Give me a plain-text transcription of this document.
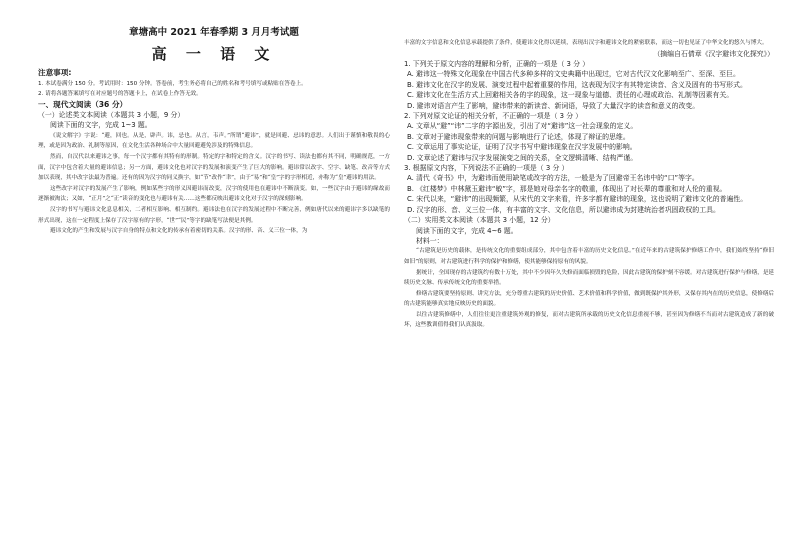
章塘高中 2021 年春季期 3 月月考试题

高 一 语 文

注意事项:

1. 本试卷满分 150 分。考试用时：150 分钟。答卷前，考生务必将自己的姓名和考号填写或粘贴在答卷上。

2. 请将各题答案填写在对应题号的答题卡上，在试卷上作答无效。

一、现代文阅读（36 分）

（一）论述类文本阅读（本题共 3 小题，9 分）

阅读下面的文字，完成 1~3 题。

《说文解字》字说：“避，回也。从是，辟声。讳，忌也。从言，韦声。”所谓“避讳”，就是回避、忌讳的意思。人们出于谨慎和敬畏的心理，或是因为政治、礼制等原因，在文化生活各种场合中大量回避避免涉及的特殊信息。

然而，自汉代以来避讳之事，每一个汉字都有其特有的形制。特定的字和特定的含义。汉字的书写、读法也都有其不同，明确规范，一方面，汉字中包含着大量的避讳信息；另一方面，避讳文化也对汉字的发展和演变产生了巨大的影响。避讳常以改字、空字、缺笔、改音等方式加以表现，其中改字法最为普遍。还有的因为汉字的同义换字，如“节”改作“聿”，由于“易”和“皇”字的字形相近，亦称为“皇”避讳的用法。

这些改字对汉字的发展产生了影响，例如某些字的形义因避讳而改变，汉字的使用也在避讳中不断演变。如，一些汉字由于避讳的缘故而逐渐被淘汰；又如，“正月”之“正”读音的变化也与避讳有关……这些都反映出避讳文化对于汉字的深刻影响。

汉字的书写与避讳文化息息相关，二者相互影响、相互制约。避讳法也在汉字的发展过程中不断完善，例如唐代以来的避讳字多以缺笔的形式出现，这在一定程度上保存了汉字原有的字形，“世”“民”等字的缺笔写法便是其例。

避讳文化的产生和发展与汉字自身的特点和文化的传承有着密切的关系。汉字的形、音、义三位一体，为

丰富的文字信息和文化信息承载提供了条件，使避讳文化得以延续，表现出汉字和避讳文化的紧密联系，而这一切也见证了中华文化的悠久与博大。

（摘编自石倩章《汉字避讳文化探究》）

1. 下列关于原文内容的理解和分析，正确的一项是（ 3 分 ）

A. 避讳这一特殊文化现象在中国古代多种多样的文史典籍中出现过，它对古代汉文化影响至广、至深、至巨。

B. 避讳文化在汉字的发展、演变过程中起着重要的作用，这表现为汉字有其特定读音、含义及固有的书写形式。

C. 避讳文化在生活方式上回避相关各的字的现象，这一现象与道德、责任的心理或政治、礼制等因素有关。

D. 避讳对语言产生了影响，避讳带来的新读音、新词语，导致了大量汉字的读音和意义的改变。

2. 下列对原文论证的相关分析，不正确的一项是（ 3 分 ）

A. 文章从“避”“讳”二字的字源出发，引出了对“避讳”这一社会现象的定义。

B. 文章对于避讳现象带来的问题与影响进行了论述，体现了辩证的思维。

C. 文章运用了事实论证，证明了汉字书写中避讳现象在汉字发展中的影响。

D. 文章论述了避讳与汉字发展演变之间的关系，全文逻辑清晰、结构严谨。

3. 根据原文内容，下列说法不正确的一项是（ 3 分 ）

A. 清代《奇书》中，为避讳而使用缺笔或改字的方法，一般是为了回避帝王名讳中的“口”等字。

B. 《红楼梦》中林黛玉避讳“敏”字，那是她对母亲名字的敬重，体现出了对长辈的尊重和对人伦的重视。

C. 宋代以来，“避讳”的出现频繁，从宋代的文字来看，许多字都有避讳的现象，这也说明了避讳文化的普遍性。

D. 汉字的形、音、义三位一体，有丰富的文字、文化信息，所以避讳成为封建统治者巩固政权的工具。

（二）实用类文本阅读（本题共 3 小题，12 分）

阅读下面的文字，完成 4~6 题。

材料一：

“古建筑是历史的载体，是传统文化的重要组成部分，其中包含着丰富的历史文化信息。”在近年来的古建筑保护修缮工作中，我们始终坚持“修旧如旧”的原则，对古建筑进行科学的保护和修缮，使其能够保持原有的风貌。

据统计，全国现存的古建筑约有数十万处，其中不少因年久失修而面临损毁的危险，因此古建筑的保护刻不容缓。对古建筑进行保护与修缮，是延续历史文脉、传承传统文化的重要举措。

修缮古建筑要坚持原则、讲究方法，充分尊重古建筑的历史价值、艺术价值和科学价值，做到既保护其外形，又保存其内在的历史信息，使修缮后的古建筑能够真实地反映历史的面貌。

以往古建筑修缮中，人们往往更注重建筑外观的修复，而对古建筑所承载的历史文化信息重视不够，甚至因为修缮不当而对古建筑造成了新的破坏，这些教训值得我们认真汲取。
